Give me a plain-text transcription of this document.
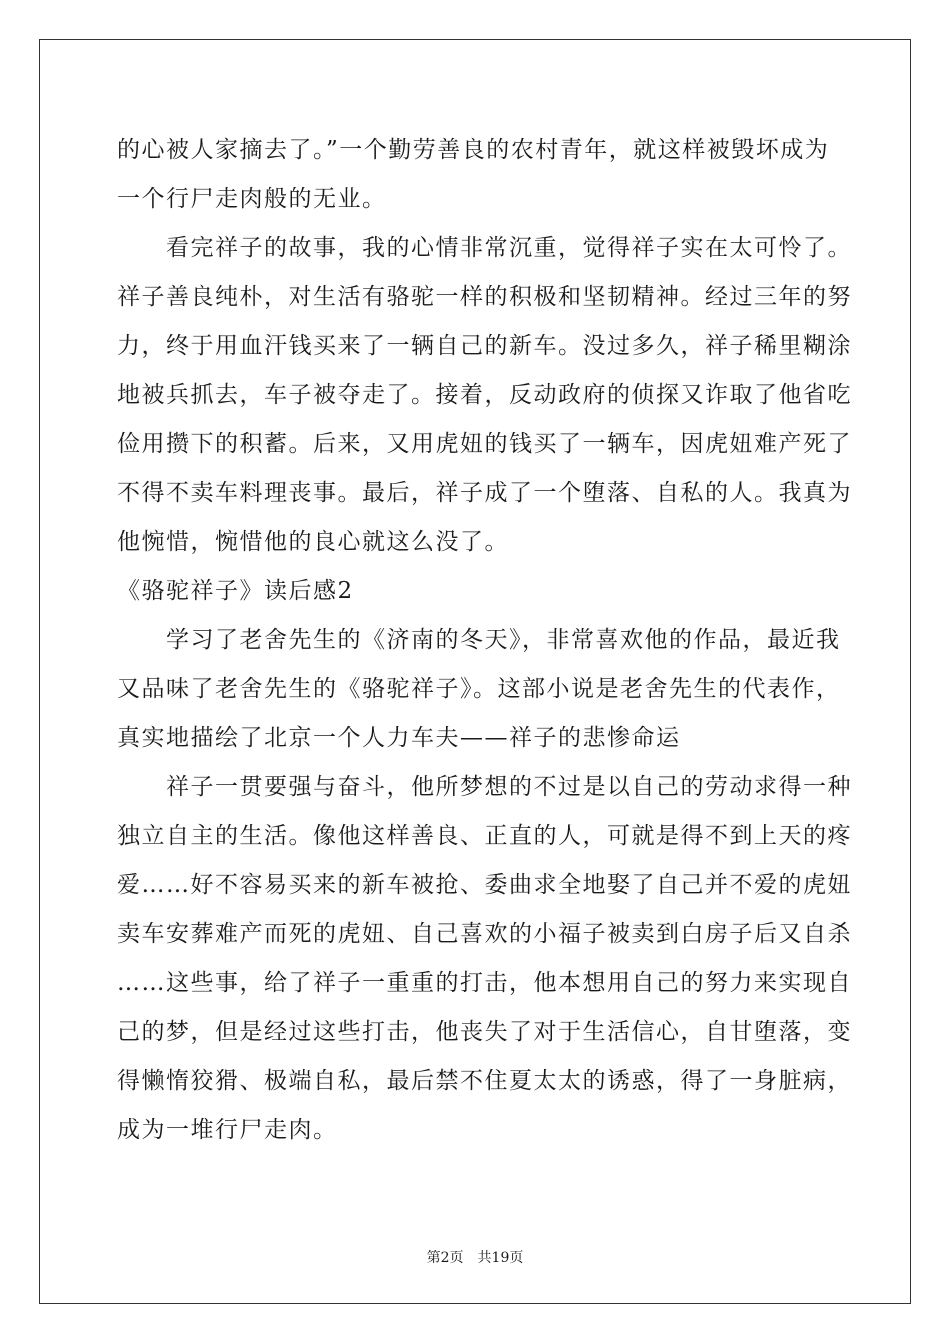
的心被人家摘去了。”一个勤劳善良的农村青年，就这样被毁坏成为
一个行尸走肉般的无业。
　　看完祥子的故事，我的心情非常沉重，觉得祥子实在太可怜了。
祥子善良纯朴，对生活有骆驼一样的积极和坚韧精神。经过三年的努
力，终于用血汗钱买来了一辆自己的新车。没过多久，祥子稀里糊涂
地被兵抓去，车子被夺走了。接着，反动政府的侦探又诈取了他省吃
俭用攒下的积蓄。后来，又用虎妞的钱买了一辆车，因虎妞难产死了
不得不卖车料理丧事。最后，祥子成了一个堕落、自私的人。我真为
他惋惜，惋惜他的良心就这么没了。
《骆驼祥子》读后感2
　　学习了老舍先生的《济南的冬天》，非常喜欢他的作品，最近我
又品味了老舍先生的《骆驼祥子》。这部小说是老舍先生的代表作，
真实地描绘了北京一个人力车夫——祥子的悲惨命运
　　祥子一贯要强与奋斗，他所梦想的不过是以自己的劳动求得一种
独立自主的生活。像他这样善良、正直的人，可就是得不到上天的疼
爱……好不容易买来的新车被抢、委曲求全地娶了自己并不爱的虎妞
卖车安葬难产而死的虎妞、自己喜欢的小福子被卖到白房子后又自杀
……这些事，给了祥子一重重的打击，他本想用自己的努力来实现自
己的梦，但是经过这些打击，他丧失了对于生活信心，自甘堕落，变
得懒惰狡猾、极端自私，最后禁不住夏太太的诱惑，得了一身脏病，
成为一堆行尸走肉。
第2页 共19页
